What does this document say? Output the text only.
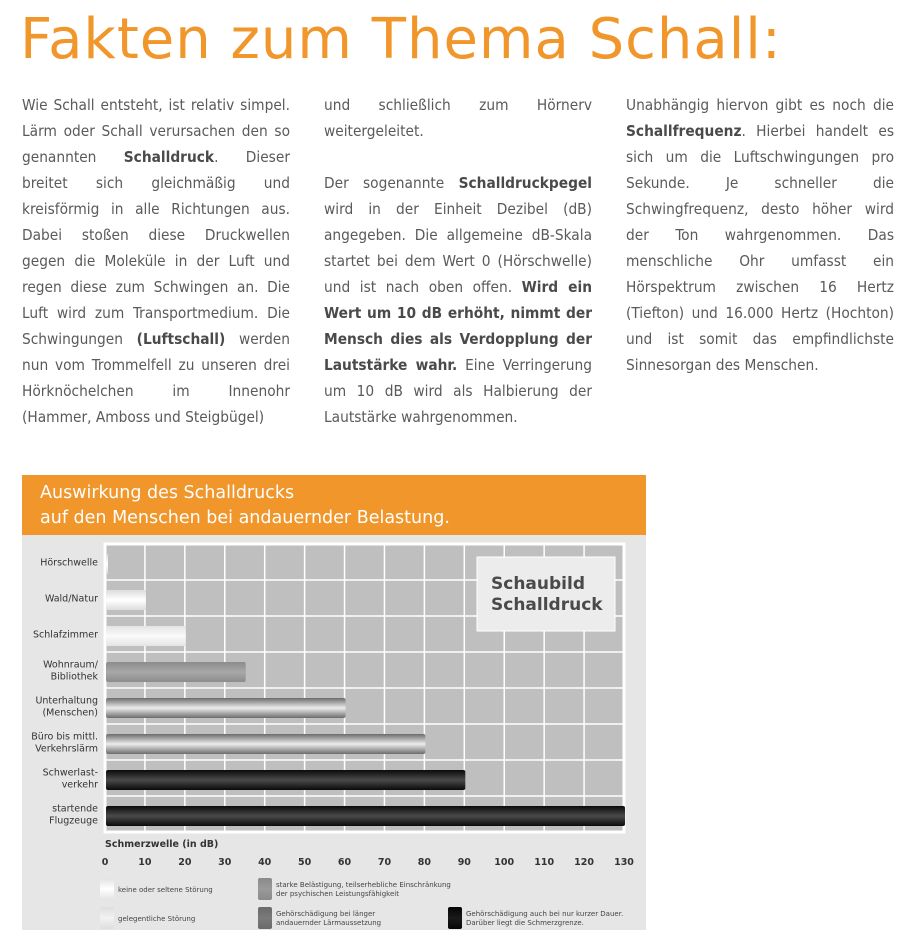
Fakten zum Thema Schall:

Wie Schall entsteht, ist relativ simpel. Lärm oder Schall verursachen den so genannten Schalldruck. Dieser breitet sich gleichmäßig und kreisförmig in alle Richtungen aus. Dabei stoßen diese Druckwellen gegen die Moleküle in der Luft und regen diese zum Schwingen an. Die Luft wird zum Transportmedium. Die Schwingungen (Luftschall) werden nun vom Trommelfell zu unseren drei Hörknöchelchen im Innenohr (Hammer, Amboss und Steigbügel)

und schließlich zum Hörnerv weitergeleitet.

Der sogenannte Schalldruckpegel wird in der Einheit Dezibel (dB) angegeben. Die allgemeine dB-Skala startet bei dem Wert 0 (Hörschwelle) und ist nach oben offen. Wird ein Wert um 10 dB erhöht, nimmt der Mensch dies als Verdopplung der Lautstärke wahr. Eine Verringerung um 10 dB wird als Halbierung der Lautstärke wahrgenommen.

Unabhängig hiervon gibt es noch die Schallfrequenz. Hierbei handelt es sich um die Luftschwingungen pro Sekunde. Je schneller die Schwingfrequenz, desto höher wird der Ton wahrgenommen. Das menschliche Ohr umfasst ein Hörspektrum zwischen 16 Hertz (Tiefton) und 16.000 Hertz (Hochton) und ist somit das empfindlichste Sinnesorgan des Menschen.

Auswirkung des Schalldrucks
auf den Menschen bei andauernder Belastung.
Hörschwelle
Wald/Natur
Schlafzimmer
Wohnraum/ Bibliothek
Unterhaltung (Menschen)
Büro bis mittl. Verkehrslärm
Schwerlast-verkehr
startende Flugzeuge
Schaubild Schalldruck
Schmerzwelle (in dB)
0	10	20	30	40	50	60	70	80	90 100 110 120 130
keine oder seltene Störung
gelegentliche Störung
starke Belästigung, teilserhebliche Einschränkung der psychischen Leistungsfähigkeit
Gehörschädigung bei länger andauernder Lärmaussetzung
Gehörschädigung auch bei nur kurzer Dauer. Darüber liegt die Schmerzgrenze.
